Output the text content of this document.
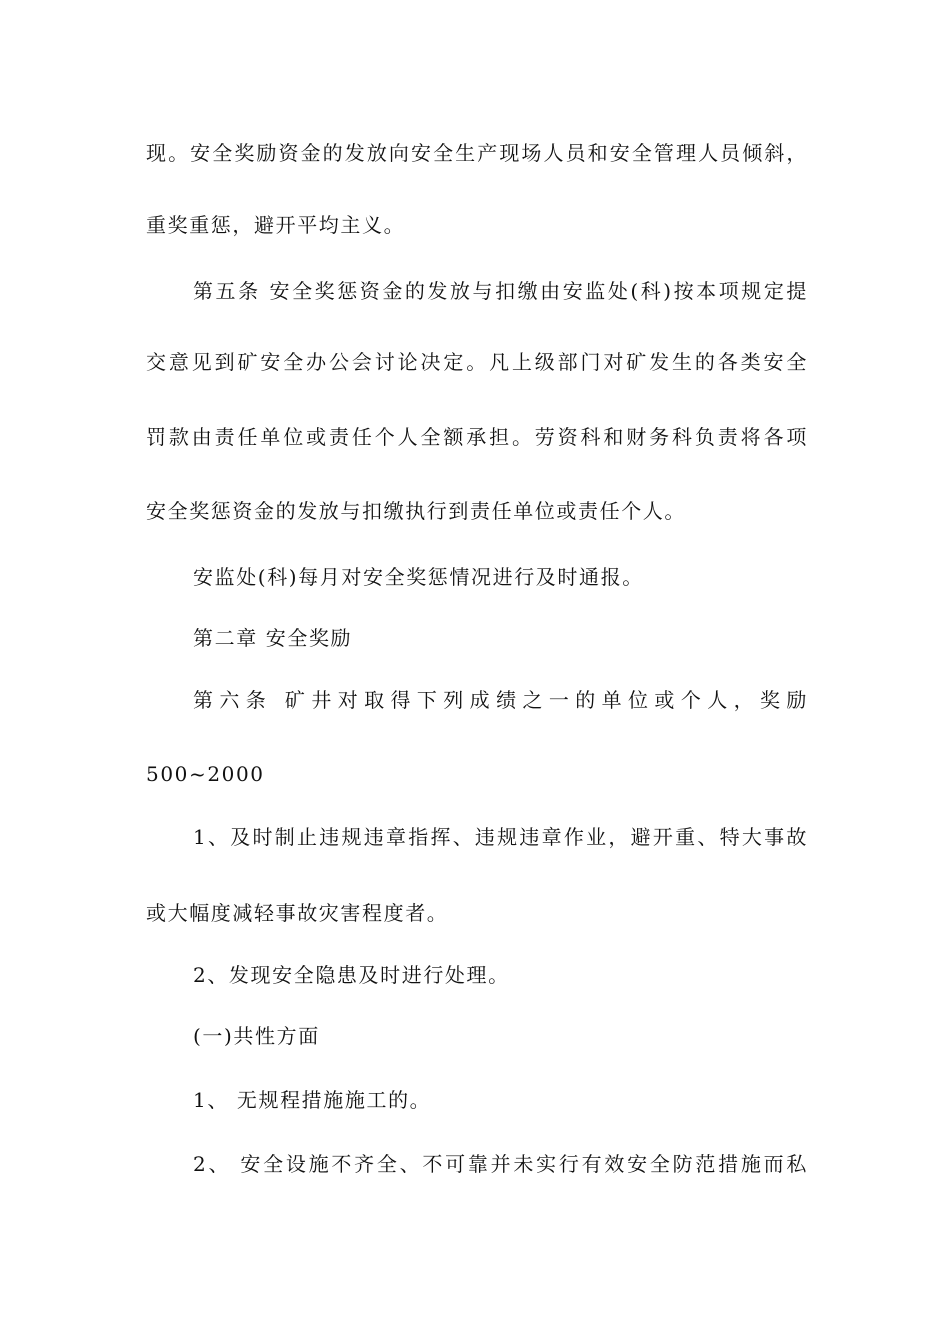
现。安全奖励资金的发放向安全生产现场人员和安全管理人员倾斜，
重奖重惩，避开平均主义。
第五条 安全奖惩资金的发放与扣缴由安监处(科)按本项规定提
交意见到矿安全办公会讨论决定。凡上级部门对矿发生的各类安全
罚款由责任单位或责任个人全额承担。劳资科和财务科负责将各项
安全奖惩资金的发放与扣缴执行到责任单位或责任个人。
安监处(科)每月对安全奖惩情况进行及时通报。
第二章 安全奖励
第六条 矿井对取得下列成绩之一的单位或个人，奖励
500~2000
1、及时制止违规违章指挥、违规违章作业，避开重、特大事故
或大幅度减轻事故灾害程度者。
2、发现安全隐患及时进行处理。
(一)共性方面
1、 无规程措施施工的。
2、 安全设施不齐全、不可靠并未实行有效安全防范措施而私
